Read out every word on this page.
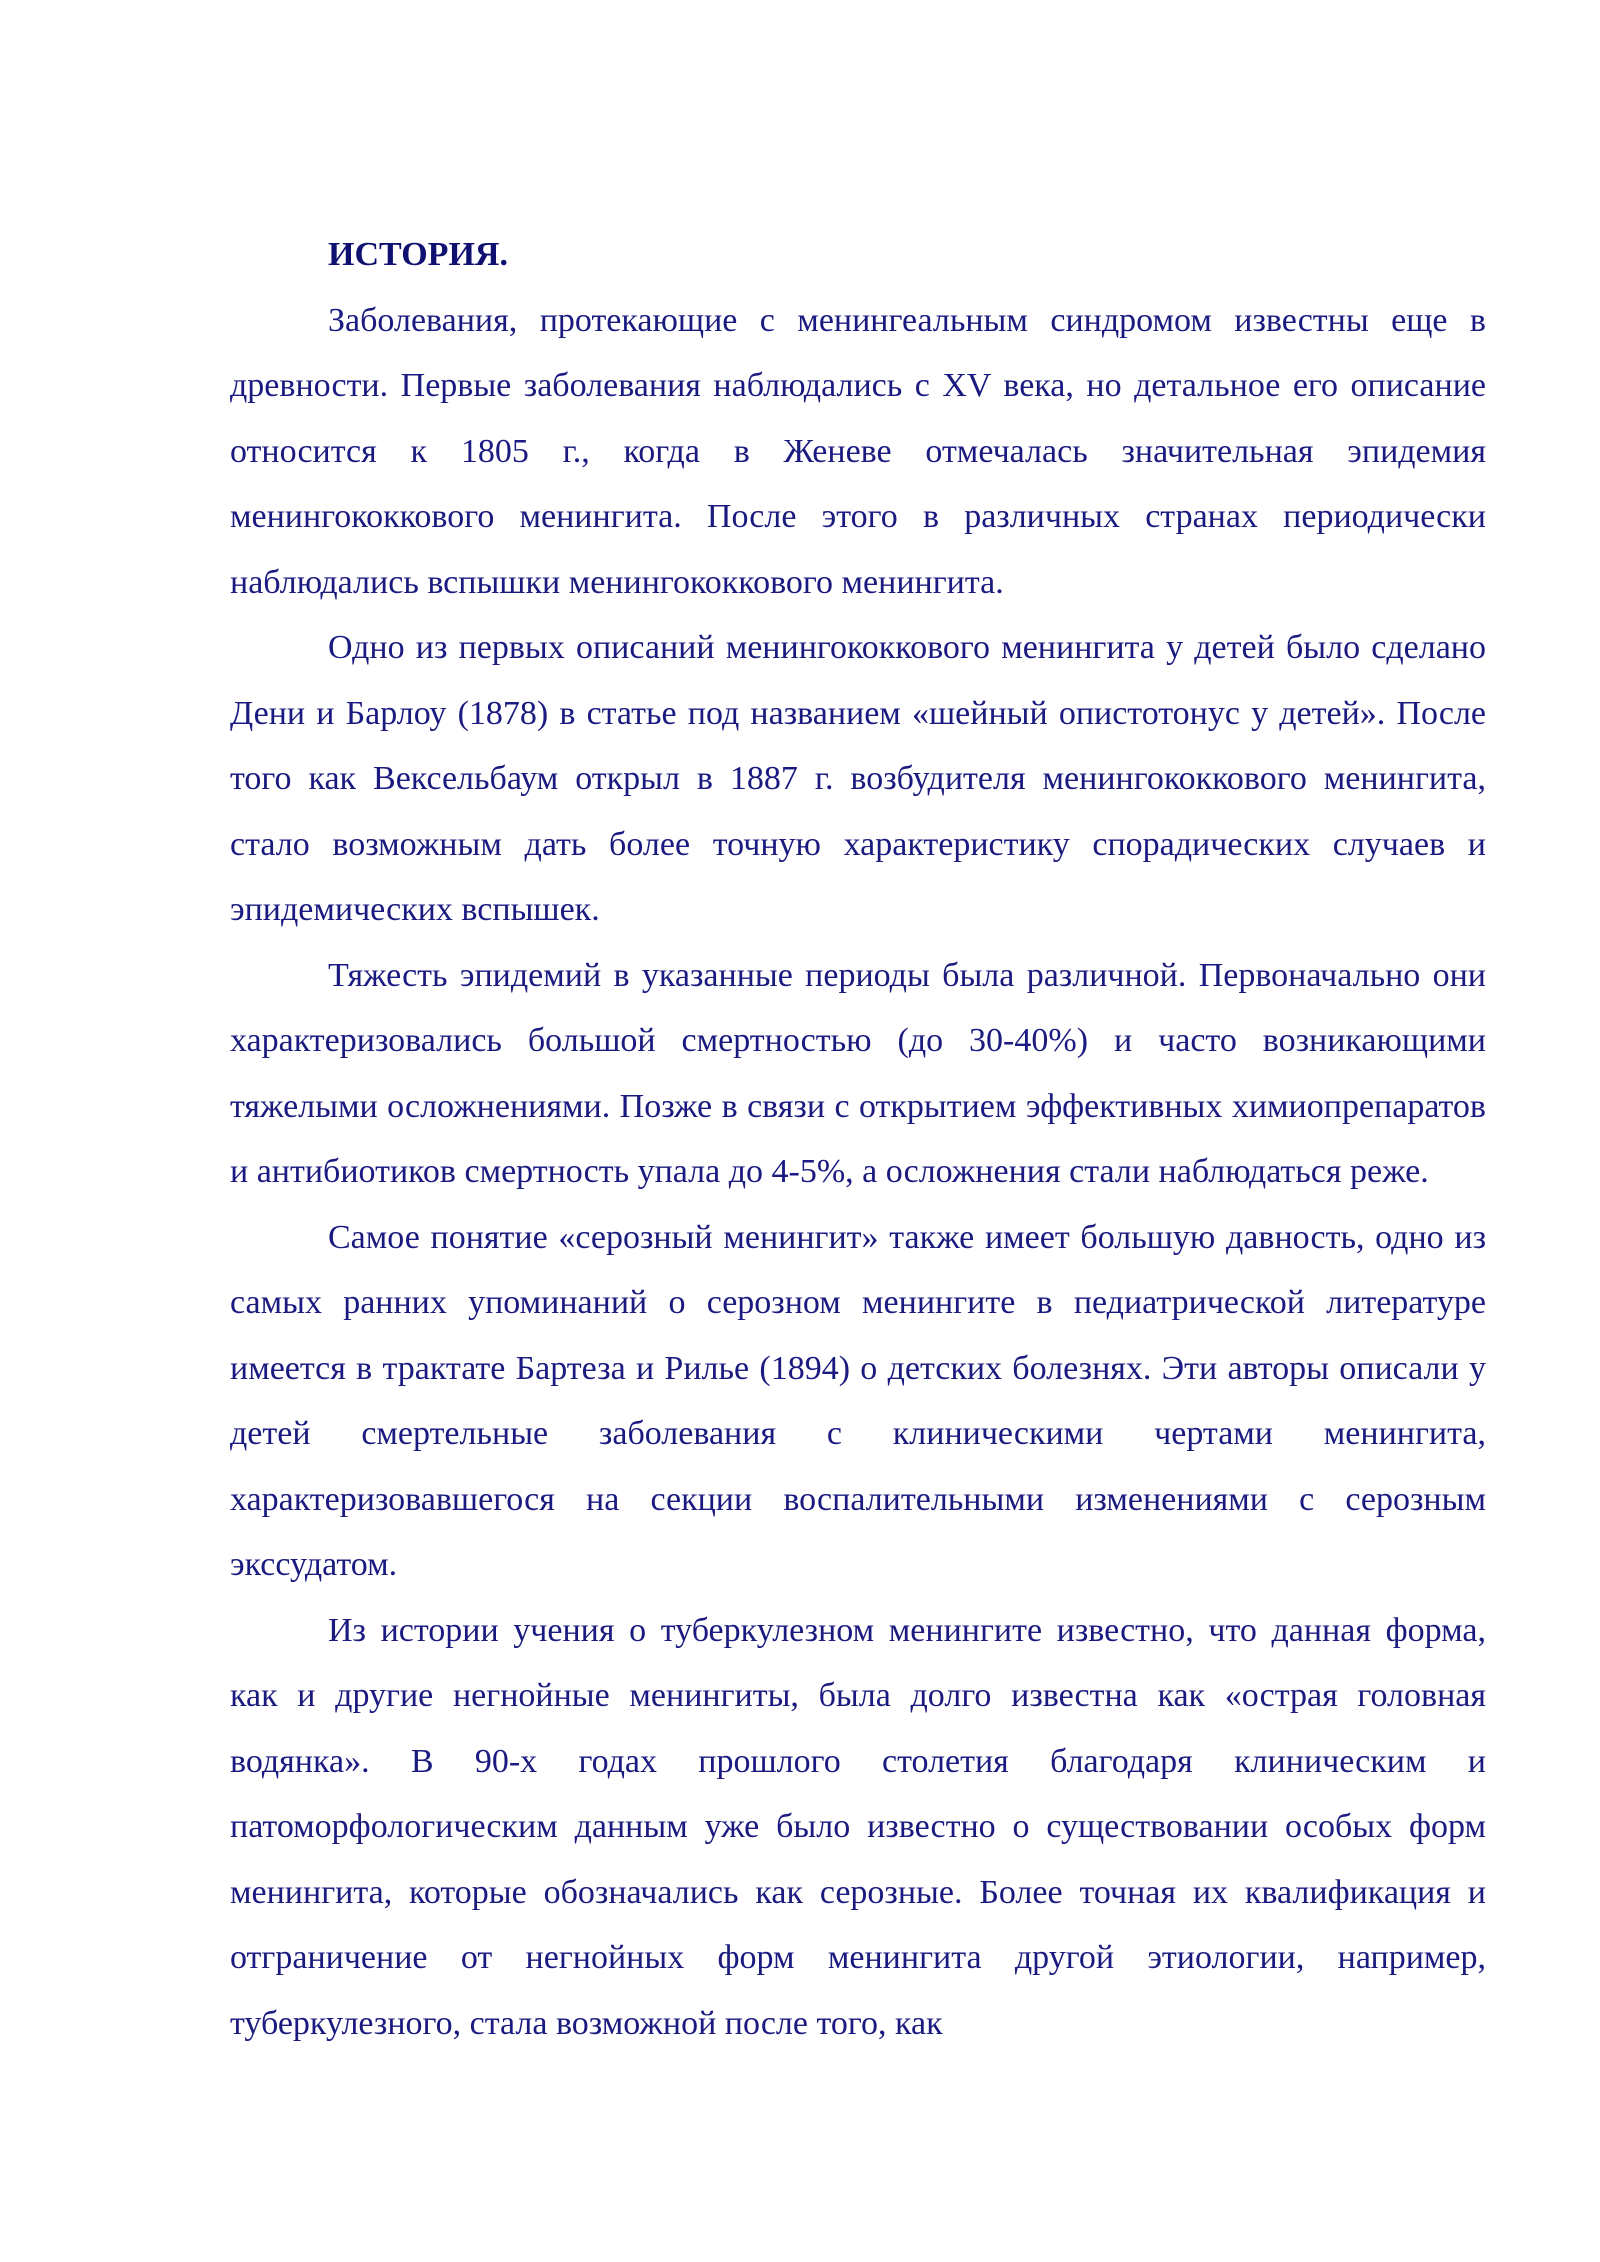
ИСТОРИЯ.

Заболевания, протекающие с менингеальным синдромом известны еще в древности. Первые заболевания наблюдались с XV века, но детальное его описание относится к 1805 г., когда в Женеве отмечалась значительная эпидемия менингококкового менингита. После этого в различных странах периодически наблюдались вспышки менингококкового менингита.

Одно из первых описаний менингококкового менингита у детей было сделано Дени и Барлоу (1878) в статье под названием «шейный опистотонус у детей». После того как Вексельбаум открыл в 1887 г. возбудителя менингококкового менингита, стало возможным дать более точную характеристику спорадических случаев и эпидемических вспышек.

Тяжесть эпидемий в указанные периоды была различной. Первоначально они характеризовались большой смертностью (до 30-40%) и часто возникающими тяжелыми осложнениями. Позже в связи с открытием эффективных химиопрепаратов и антибиотиков смертность упала до 4-5%, а осложнения стали наблюдаться реже.

Самое понятие «серозный менингит» также имеет большую давность, одно из самых ранних упоминаний о серозном менингите в педиатрической литературе имеется в трактате Бартеза и Рилье (1894) о детских болезнях. Эти авторы описали у детей смертельные заболевания с клиническими чертами менингита, характеризовавшегося на секции воспалительными изменениями с серозным экссудатом.

Из истории учения о туберкулезном менингите известно, что данная форма, как и другие негнойные менингиты, была долго известна как «острая головная водянка». В 90-х годах прошлого столетия благодаря клиническим и патоморфологическим данным уже было известно о существовании особых форм менингита, которые обозначались как серозные. Более точная их квалификация и отграничение от негнойных форм менингита другой этиологии, например, туберкулезного, стала возможной после того, как
